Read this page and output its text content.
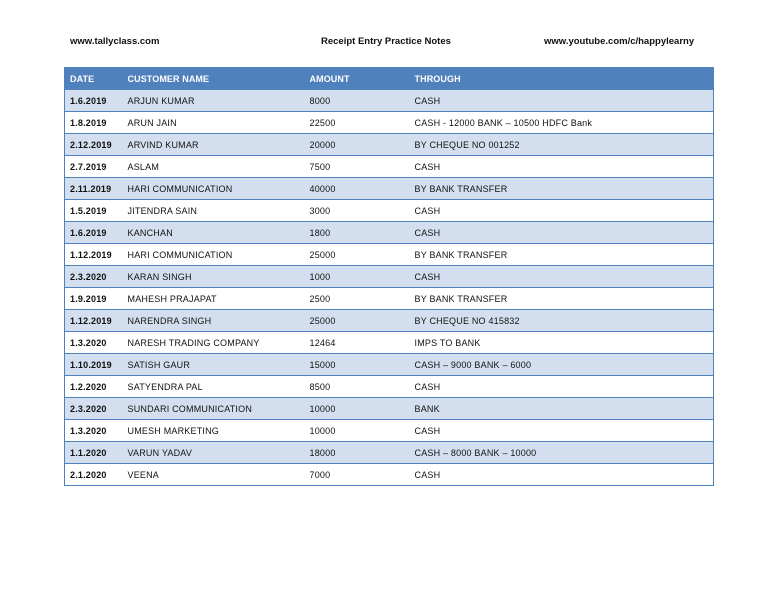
www.tallyclass.com	Receipt Entry Practice Notes	www.youtube.com/c/happylearny
DATE	CUSTOMER NAME	AMOUNT	THROUGH
1.6.2019	ARJUN KUMAR	8000	CASH
1.8.2019	ARUN JAIN	22500	CASH - 12000 BANK – 10500 HDFC Bank
2.12.2019	ARVIND KUMAR	20000	BY CHEQUE NO 001252
2.7.2019	ASLAM	7500	CASH
2.11.2019	HARI COMMUNICATION	40000	BY BANK TRANSFER
1.5.2019	JITENDRA SAIN	3000	CASH
1.6.2019	KANCHAN	1800	CASH
1.12.2019	HARI COMMUNICATION	25000	BY BANK TRANSFER
2.3.2020	KARAN SINGH	1000	CASH
1.9.2019	MAHESH PRAJAPAT	2500	BY BANK TRANSFER
1.12.2019	NARENDRA SINGH	25000	BY CHEQUE NO 415832
1.3.2020	NARESH TRADING COMPANY	12464	IMPS TO BANK
1.10.2019	SATISH GAUR	15000	CASH – 9000 BANK – 6000
1.2.2020	SATYENDRA PAL	8500	CASH
2.3.2020	SUNDARI COMMUNICATION	10000	BANK
1.3.2020	UMESH MARKETING	10000	CASH
1.1.2020	VARUN YADAV	18000	CASH – 8000 BANK – 10000
2.1.2020	VEENA	7000	CASH
